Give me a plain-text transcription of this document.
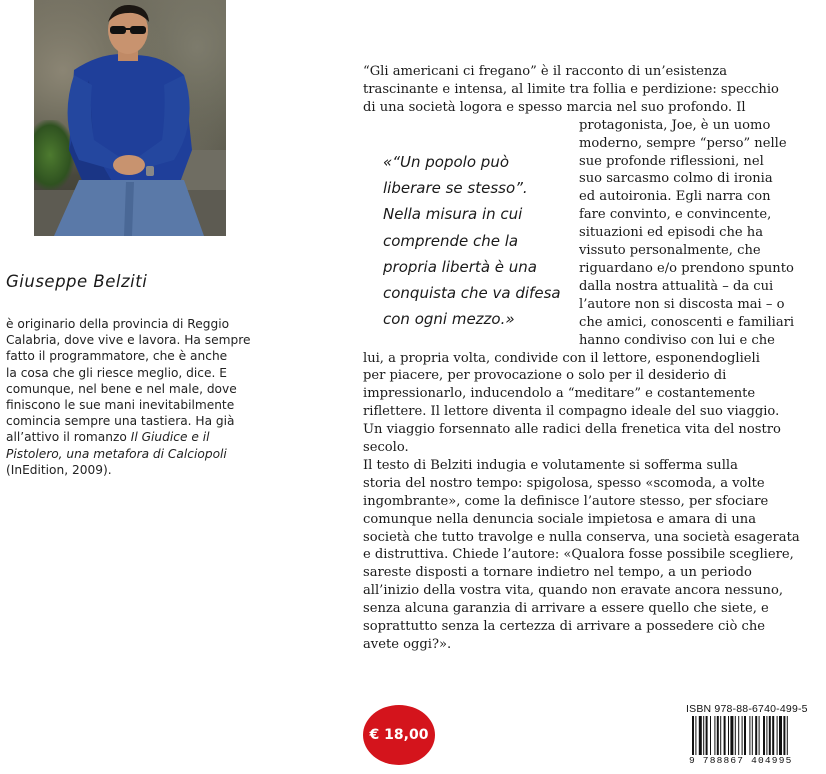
Giuseppe Belziti
è originario della provincia di Reggio
Calabria, dove vive e lavora. Ha sempre
fatto il programmatore, che è anche
la cosa che gli riesce meglio, dice. E
comunque, nel bene e nel male, dove
finiscono le sue mani inevitabilmente
comincia sempre una tastiera. Ha già
all’attivo il romanzo Il Giudice e il
Pistolero, una metafora di Calciopoli
(InEdition, 2009).
“Gli americani ci fregano” è il racconto di un’esistenza
trascinante e intensa, al limite tra follia e perdizione: specchio
di una società logora e spesso marcia nel suo profondo. Il
protagonista, Joe, è un uomo
moderno, sempre “perso” nelle
sue profonde riflessioni, nel
suo sarcasmo colmo di ironia
ed autoironia. Egli narra con
fare convinto, e convincente,
situazioni ed episodi che ha
vissuto personalmente, che
riguardano e/o prendono spunto
dalla nostra attualità – da cui
l’autore non si discosta mai – o
che amici, conoscenti e familiari
hanno condiviso con lui e che
lui, a propria volta, condivide con il lettore, esponendoglieli
per piacere, per provocazione o solo per il desiderio di
impressionarlo, inducendolo a “meditare” e costantemente
riflettere. Il lettore diventa il compagno ideale del suo viaggio.
Un viaggio forsennato alle radici della frenetica vita del nostro
secolo.
Il testo di Belziti indugia e volutamente si sofferma sulla
storia del nostro tempo: spigolosa, spesso «scomoda, a volte
ingombrante», come la definisce l’autore stesso, per sfociare
comunque nella denuncia sociale impietosa e amara di una
società che tutto travolge e nulla conserva, una società esagerata
e distruttiva. Chiede l’autore: «Qualora fosse possibile scegliere,
sareste disposti a tornare indietro nel tempo, a un periodo
all’inizio della vostra vita, quando non eravate ancora nessuno,
senza alcuna garanzia di arrivare a essere quello che siete, e
soprattutto senza la certezza di arrivare a possedere ciò che
avete oggi?».
«“Un popolo può
liberare se stesso”.
Nella misura in cui
comprende che la
propria libertà è una
conquista che va difesa
con ogni mezzo.»
€ 18,00
ISBN 978-88-6740-499-5
9 788867 404995
